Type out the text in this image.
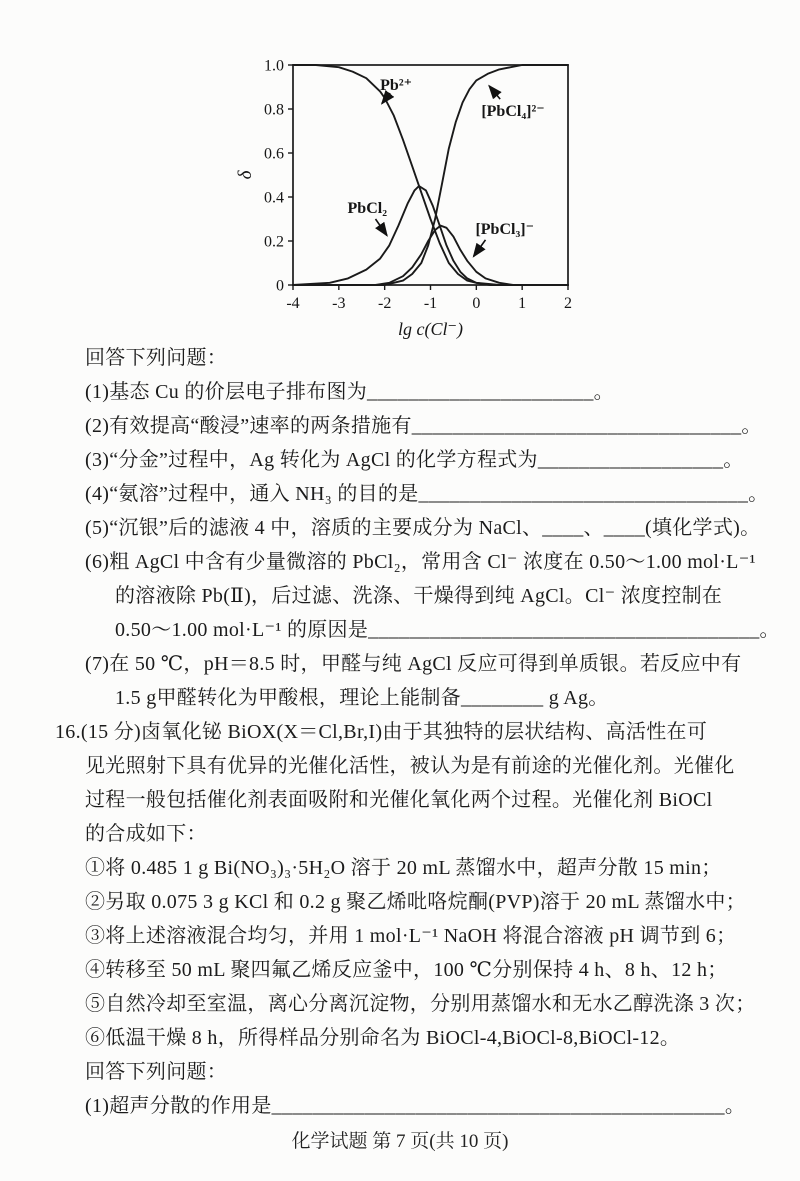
-4 -3 -2 -1 0 1 2
0
0.2
0.4
0.6
0.8
1.0
lg c(Cl⁻)
δ
Pb²⁺
[PbCl₄]²⁻
PbCl₂
[PbCl₃]⁻
回答下列问题：
(1)基态 Cu 的价层电子排布图为______________________。
(2)有效提高“酸浸”速率的两条措施有________________________________。
(3)“分金”过程中，Ag 转化为 AgCl 的化学方程式为__________________。
(4)“氨溶”过程中，通入 NH₃ 的目的是________________________________。
(5)“沉银”后的滤液 4 中，溶质的主要成分为 NaCl、____、____(填化学式)。
(6)粗 AgCl 中含有少量微溶的 PbCl₂，常用含 Cl⁻ 浓度在 0.50～1.00 mol·L⁻¹
的溶液除 Pb(Ⅱ)，后过滤、洗涤、干燥得到纯 AgCl。Cl⁻ 浓度控制在
0.50～1.00 mol·L⁻¹ 的原因是______________________________________。
(7)在 50 ℃，pH＝8.5 时，甲醛与纯 AgCl 反应可得到单质银。若反应中有
1.5 g甲醛转化为甲酸根，理论上能制备________ g Ag。
16.(15 分)卤氧化铋 BiOX(X＝Cl,Br,I)由于其独特的层状结构、高活性在可
见光照射下具有优异的光催化活性，被认为是有前途的光催化剂。光催化
过程一般包括催化剂表面吸附和光催化氧化两个过程。光催化剂 BiOCl
的合成如下：
①将 0.485 1 g Bi(NO₃)₃·5H₂O 溶于 20 mL 蒸馏水中，超声分散 15 min；
②另取 0.075 3 g KCl 和 0.2 g 聚乙烯吡咯烷酮(PVP)溶于 20 mL 蒸馏水中；
③将上述溶液混合均匀，并用 1 mol·L⁻¹ NaOH 将混合溶液 pH 调节到 6；
④转移至 50 mL 聚四氟乙烯反应釜中，100 ℃分别保持 4 h、8 h、12 h；
⑤自然冷却至室温，离心分离沉淀物，分别用蒸馏水和无水乙醇洗涤 3 次；
⑥低温干燥 8 h，所得样品分别命名为 BiOCl-4,BiOCl-8,BiOCl-12。
回答下列问题：
(1)超声分散的作用是____________________________________________。
化学试题 第 7 页(共 10 页)
